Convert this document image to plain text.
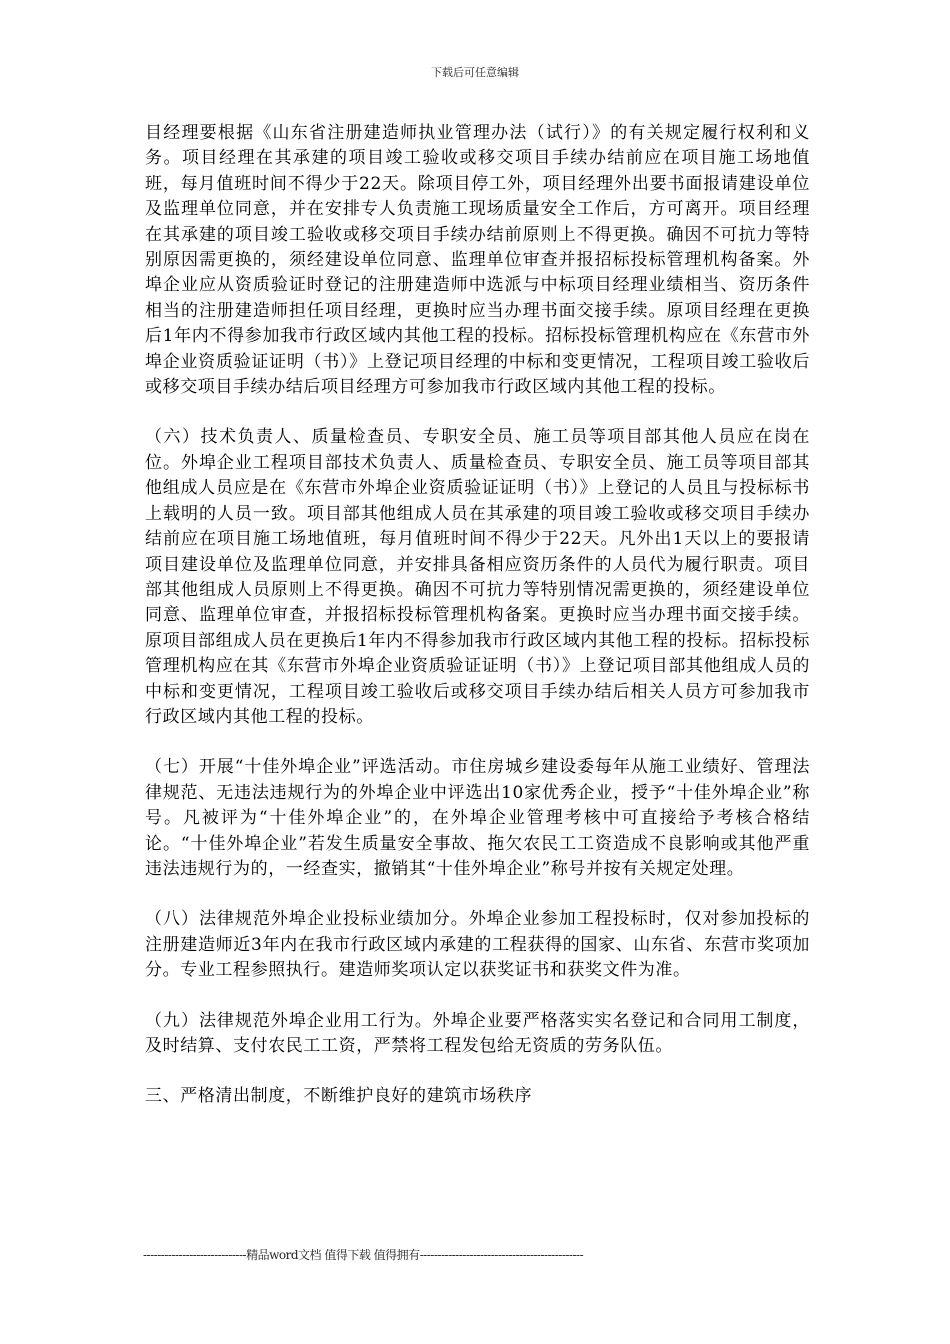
下载后可任意编辑

目经理要根据《山东省注册建造师执业管理办法（试行）》的有关规定履行权利和义务。项目经理在其承建的项目竣工验收或移交项目手续办结前应在项目施工场地值班，每月值班时间不得少于22天。除项目停工外，项目经理外出要书面报请建设单位及监理单位同意，并在安排专人负责施工现场质量安全工作后，方可离开。项目经理在其承建的项目竣工验收或移交项目手续办结前原则上不得更换。确因不可抗力等特别原因需更换的，须经建设单位同意、监理单位审查并报招标投标管理机构备案。外埠企业应从资质验证时登记的注册建造师中选派与中标项目经理业绩相当、资历条件相当的注册建造师担任项目经理，更换时应当办理书面交接手续。原项目经理在更换后1年内不得参加我市行政区域内其他工程的投标。招标投标管理机构应在《东营市外埠企业资质验证证明（书）》上登记项目经理的中标和变更情况，工程项目竣工验收后或移交项目手续办结后项目经理方可参加我市行政区域内其他工程的投标。

（六）技术负责人、质量检查员、专职安全员、施工员等项目部其他人员应在岗在位。外埠企业工程项目部技术负责人、质量检查员、专职安全员、施工员等项目部其他组成人员应是在《东营市外埠企业资质验证证明（书）》上登记的人员且与投标标书上载明的人员一致。项目部其他组成人员在其承建的项目竣工验收或移交项目手续办结前应在项目施工场地值班，每月值班时间不得少于22天。凡外出1天以上的要报请项目建设单位及监理单位同意，并安排具备相应资历条件的人员代为履行职责。项目部其他组成人员原则上不得更换。确因不可抗力等特别情况需更换的，须经建设单位同意、监理单位审查，并报招标投标管理机构备案。更换时应当办理书面交接手续。原项目部组成人员在更换后1年内不得参加我市行政区域内其他工程的投标。招标投标管理机构应在其《东营市外埠企业资质验证证明（书）》上登记项目部其他组成人员的中标和变更情况，工程项目竣工验收后或移交项目手续办结后相关人员方可参加我市行政区域内其他工程的投标。

（七）开展“十佳外埠企业”评选活动。市住房城乡建设委每年从施工业绩好、管理法律规范、无违法违规行为的外埠企业中评选出10家优秀企业，授予“十佳外埠企业”称号。凡被评为“十佳外埠企业”的，在外埠企业管理考核中可直接给予考核合格结论。“十佳外埠企业”若发生质量安全事故、拖欠农民工工资造成不良影响或其他严重违法违规行为的，一经查实，撤销其“十佳外埠企业”称号并按有关规定处理。

（八）法律规范外埠企业投标业绩加分。外埠企业参加工程投标时，仅对参加投标的注册建造师近3年内在我市行政区域内承建的工程获得的国家、山东省、东营市奖项加分。专业工程参照执行。建造师奖项认定以获奖证书和获奖文件为准。

（九）法律规范外埠企业用工行为。外埠企业要严格落实实名登记和合同用工制度，及时结算、支付农民工工资，严禁将工程发包给无资质的劳务队伍。

三、严格清出制度，不断维护良好的建筑市场秩序

-----------------------------精品word文档 值得下载 值得拥有----------------------------------------------
